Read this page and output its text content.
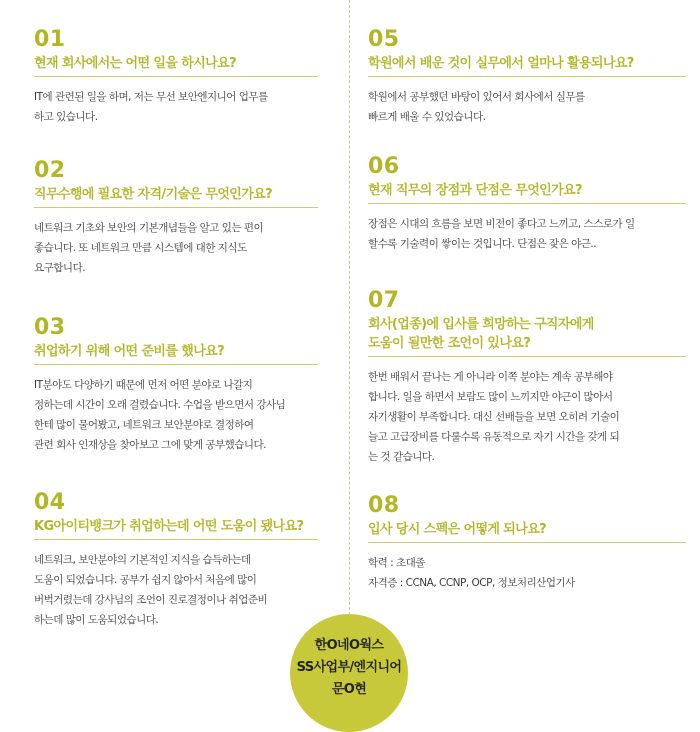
01
현재 회사에서는 어떤 일을 하시나요?
IT에 관련된 일을 하며, 저는 무선 보안엔지니어 업무를
하고 있습니다.
02
직무수행에 필요한 자격/기술은 무엇인가요?
네트워크 기초와 보안의 기본개념들을 알고 있는 편이
좋습니다. 또 네트워크 만큼 시스템에 대한 지식도
요구합니다.
03
취업하기 위해 어떤 준비를 했나요?
IT분야도 다양하기 때문에 먼저 어떤 분야로 나갈지
정하는데 시간이 오래 걸렸습니다. 수업을 받으면서 강사님
한테 많이 물어봤고, 네트워크 보안분야로 결정하여
관련 회사 인재상을 찾아보고 그에 맞게 공부했습니다.
04
KG아이티뱅크가 취업하는데 어떤 도움이 됐나요?
네트워크, 보안분야의 기본적인 지식을 습득하는데
도움이 되었습니다. 공부가 쉽지 않아서 처음에 많이
버벅거렸는데 강사님의 조언이 진로결정이나 취업준비
하는데 많이 도움되었습니다.
05
학원에서 배운 것이 실무에서 얼마나 활용되나요?
학원에서 공부했던 바탕이 있어서 회사에서 실무를
빠르게 배울 수 있었습니다.
06
현재 직무의 장점과 단점은 무엇인가요?
장점은 시대의 흐름을 보면 비전이 좋다고 느끼고, 스스로가 일
할수록 기술력이 쌓이는 것입니다. 단점은 잦은 야근..
07
회사(업종)에 입사를 희망하는 구직자에게
도움이 될만한 조언이 있나요?
한번 배워서 끝나는 게 아니라 이쪽 분야는 계속 공부해야
합니다. 일을 하면서 보람도 많이 느끼지만 야근이 많아서
자기생활이 부족합니다. 대신 선배들을 보면 오히려 기술이
늘고 고급장비를 다룰수록 유동적으로 자기 시간을 갖게 되
는 것 같습니다.
08
입사 당시 스펙은 어떻게 되나요?
학력 : 초대졸
자격증 : CCNA, CCNP, OCP, 정보처리산업기사
한O네O웍스
SS사업부/엔지니어
문O현
